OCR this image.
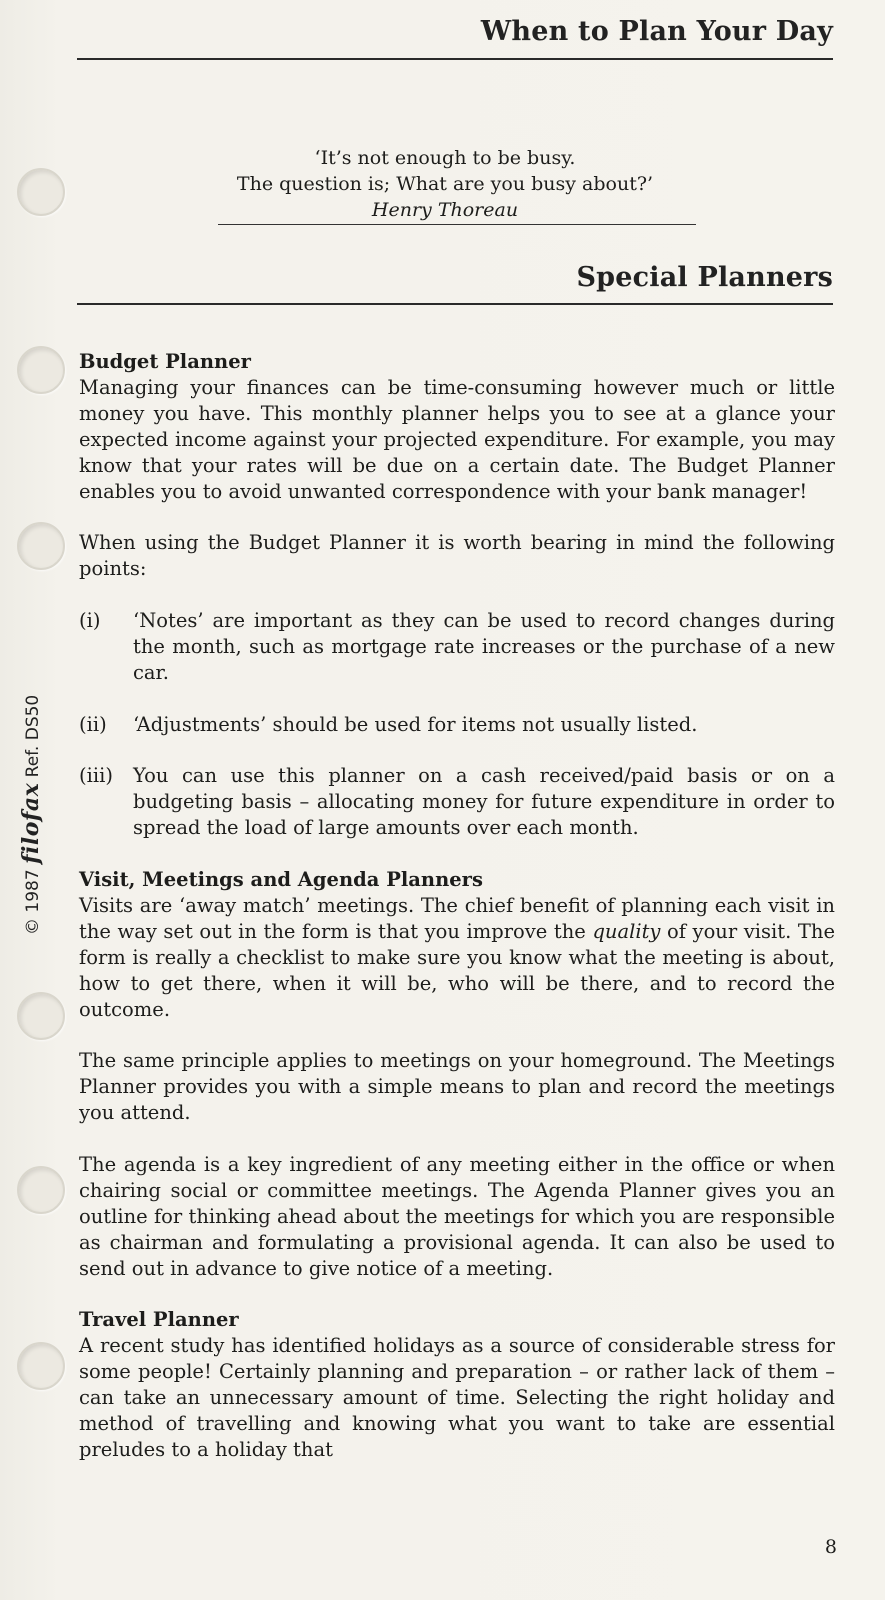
© 1987 filofax Ref. DS50
When to Plan Your Day
‘It’s not enough to be busy.
The question is; What are you busy about?’
Henry Thoreau
Special Planners
Budget Planner

Managing your finances can be time-consuming however much or little money you have. This monthly planner helps you to see at a glance your expected income against your projected expenditure. For example, you may know that your rates will be due on a certain date. The Budget Planner enables you to avoid unwanted correspondence with your bank manager!

When using the Budget Planner it is worth bearing in mind the following points:

(i)	‘Notes’ are important as they can be used to record changes during the month, such as mortgage rate increases or the purchase of a new car.
(ii)	‘Adjustments’ should be used for items not usually listed.
(iii)	You can use this planner on a cash received/paid basis or on a budgeting basis – allocating money for future expenditure in order to spread the load of large amounts over each month.
Visit, Meetings and Agenda Planners

Visits are ‘away match’ meetings. The chief benefit of planning each visit in the way set out in the form is that you improve the quality of your visit. The form is really a checklist to make sure you know what the meeting is about, how to get there, when it will be, who will be there, and to record the outcome.

The same principle applies to meetings on your homeground. The Meetings Planner provides you with a simple means to plan and record the meetings you attend.

The agenda is a key ingredient of any meeting either in the office or when chairing social or committee meetings. The Agenda Planner gives you an outline for thinking ahead about the meetings for which you are responsible as chairman and formulating a provisional agenda. It can also be used to send out in advance to give notice of a meeting.

Travel Planner

A recent study has identified holidays as a source of considerable stress for some people! Certainly planning and preparation – or rather lack of them – can take an unnecessary amount of time. Selecting the right holiday and method of travelling and knowing what you want to take are essential preludes to a holiday that

8
